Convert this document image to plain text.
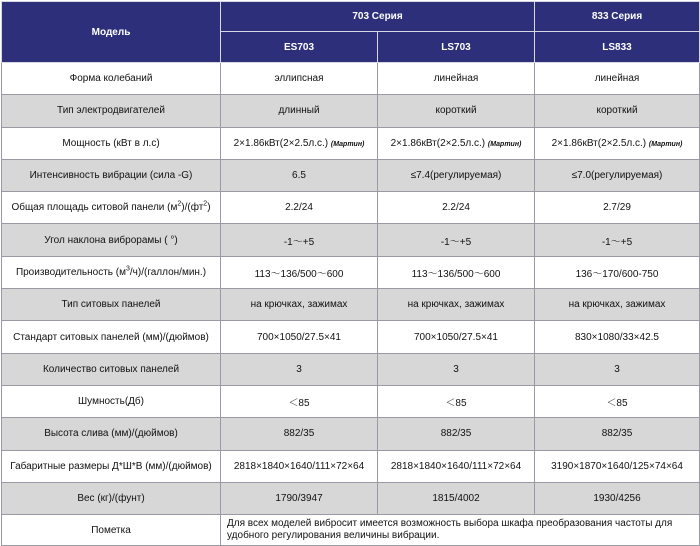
Модель	703 Серия		833 Серия
	ES703	LS703	LS833
Форма колебаний	эллипсная	линейная	линейная
Тип электродвигателей	длинный	короткий	короткий
Мощность (кВт в л.с)	2×1.86кВт(2×2.5л.с.) (Мартин)	2×1.86кВт(2×2.5л.с.) (Мартин)	2×1.86кВт(2×2.5л.с.) (Мартин)
Интенсивность вибрации (сила -G)	6.5	≤7.4(регулируемая)	≤7.0(регулируемая)
Общая площадь ситовой панели $(м^2)/(фт^2)$	2.2/24	2.2/24	2.7/29
Угол наклона виброрамы ( °)	-1～+5	-1～+5	-1～+5
Производительность $(м^3/ч)/(галлон/мин.)$	113～136/500～600	113～136/500～600	136～170/600-750
Тип ситовых панелей	на крючках, зажимах	на крючках, зажимах	на крючках, зажимах
Стандарт ситовых панелей (мм)/(дюймов)	700×1050/27.5×41	700×1050/27.5×41	830×1080/33×42.5
Количество ситовых панелей	3	3	3
Шумность(Дб)	＜85	＜85	＜85
Высота слива (мм)/(дюймов)	882/35	882/35	882/35
Габаритные размеры Д*Ш*В (мм)/(дюймов)	2818×1840×1640/111×72×64	2818×1840×1640/111×72×64	3190×1870×1640/125×74×64
Вес (кг)/(фунт)	1790/3947	1815/4002	1930/4256
Пометка	Для всех моделей вибросит имеется возможность выбора шкафа преобразования частоты для удобного регулирования величины вибрации.		
